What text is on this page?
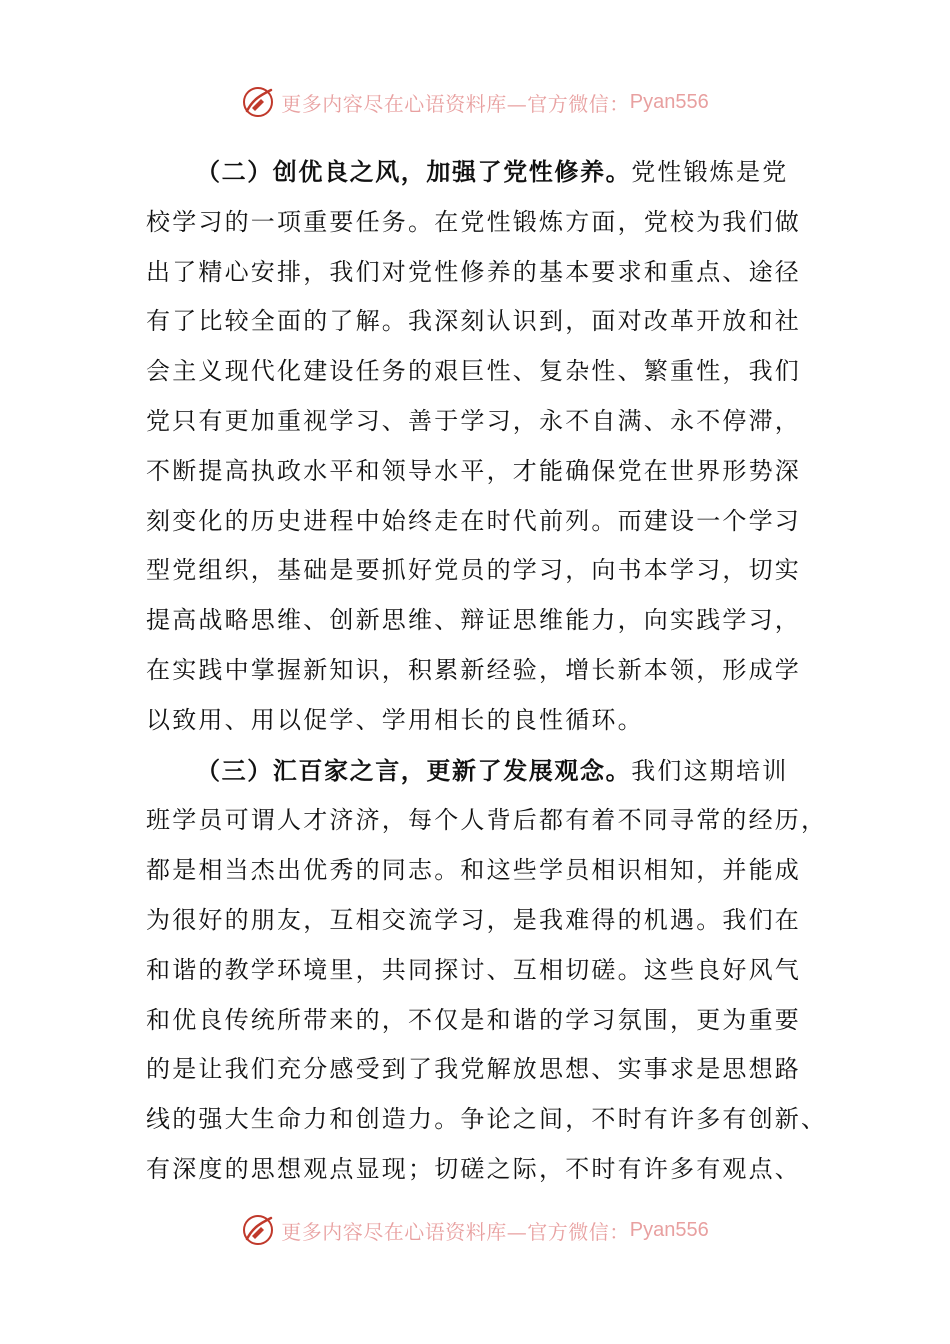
更多内容尽在心语资料库—官方微信： Pyan556

（二）创优良之风，加强了党性修养。党性锻炼是党
校学习的一项重要任务。在党性锻炼方面，党校为我们做
出了精心安排，我们对党性修养的基本要求和重点、途径
有了比较全面的了解。我深刻认识到，面对改革开放和社
会主义现代化建设任务的艰巨性、复杂性、繁重性，我们
党只有更加重视学习、善于学习，永不自满、永不停滞，
不断提高执政水平和领导水平，才能确保党在世界形势深
刻变化的历史进程中始终走在时代前列。而建设一个学习
型党组织，基础是要抓好党员的学习，向书本学习，切实
提高战略思维、创新思维、辩证思维能力，向实践学习，
在实践中掌握新知识，积累新经验，增长新本领，形成学
以致用、用以促学、学用相长的良性循环。

（三）汇百家之言，更新了发展观念。我们这期培训
班学员可谓人才济济，每个人背后都有着不同寻常的经历，
都是相当杰出优秀的同志。和这些学员相识相知，并能成
为很好的朋友，互相交流学习，是我难得的机遇。我们在
和谐的教学环境里，共同探讨、互相切磋。这些良好风气
和优良传统所带来的，不仅是和谐的学习氛围，更为重要
的是让我们充分感受到了我党解放思想、实事求是思想路
线的强大生命力和创造力。争论之间，不时有许多有创新、
有深度的思想观点显现；切磋之际，不时有许多有观点、

更多内容尽在心语资料库—官方微信： Pyan556
